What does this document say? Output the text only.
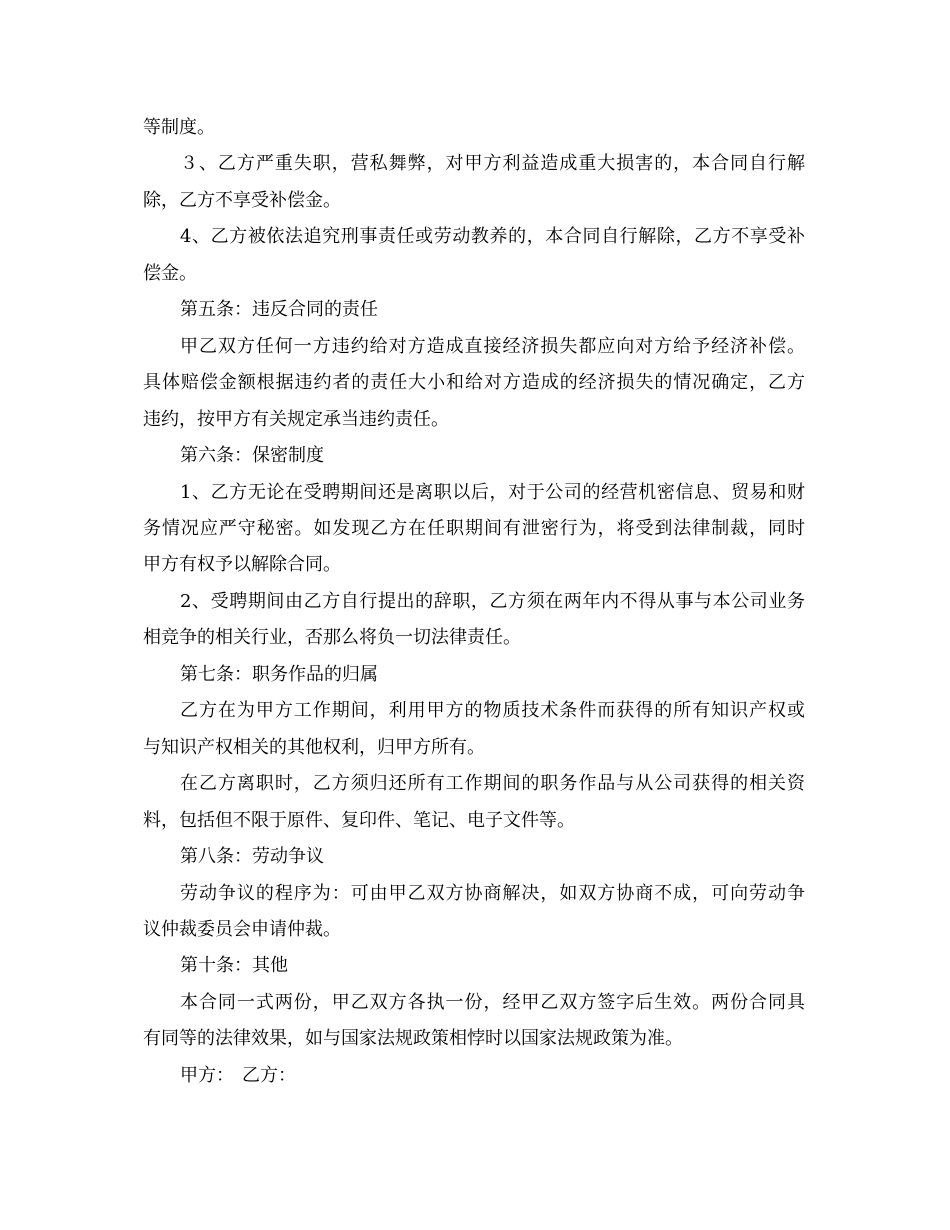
等制度。
３、乙方严重失职，营私舞弊，对甲方利益造成重大损害的，本合同自行解
除，乙方不享受补偿金。
4、乙方被依法追究刑事责任或劳动教养的，本合同自行解除，乙方不享受补
偿金。
第五条：违反合同的责任
甲乙双方任何一方违约给对方造成直接经济损失都应向对方给予经济补偿。
具体赔偿金额根据违约者的责任大小和给对方造成的经济损失的情况确定，乙方
违约，按甲方有关规定承当违约责任。
第六条：保密制度
1、乙方无论在受聘期间还是离职以后，对于公司的经营机密信息、贸易和财
务情况应严守秘密。如发现乙方在任职期间有泄密行为，将受到法律制裁，同时
甲方有权予以解除合同。
2、受聘期间由乙方自行提出的辞职，乙方须在两年内不得从事与本公司业务
相竞争的相关行业，否那么将负一切法律责任。
第七条：职务作品的归属
乙方在为甲方工作期间，利用甲方的物质技术条件而获得的所有知识产权或
与知识产权相关的其他权利，归甲方所有。
在乙方离职时，乙方须归还所有工作期间的职务作品与从公司获得的相关资
料，包括但不限于原件、复印件、笔记、电子文件等。
第八条：劳动争议
劳动争议的程序为：可由甲乙双方协商解决，如双方协商不成，可向劳动争
议仲裁委员会申请仲裁。
第十条：其他
本合同一式两份，甲乙双方各执一份，经甲乙双方签字后生效。两份合同具
有同等的法律效果，如与国家法规政策相悖时以国家法规政策为准。
甲方： 乙方：
